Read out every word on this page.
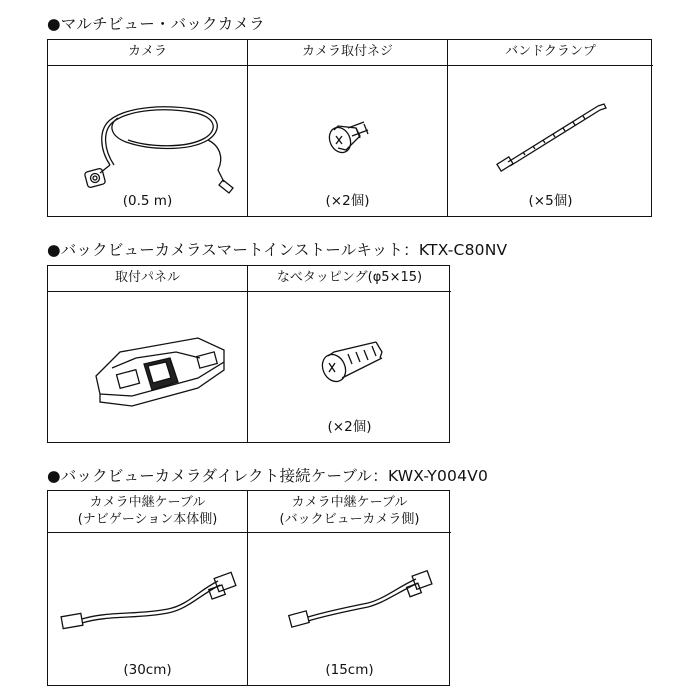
●マルチビュー・バックカメラ
カメラ
(0.5 m)
カメラ取付ネジ
(×2個)
バンドクランプ
(×5個)
●バックビューカメラスマートインストールキット：KTX-C80NV
取付パネル	なべタッピング(φ5×15)
(×2個)
●バックビューカメラダイレクト接続ケーブル：KWX-Y004V0
カメラ中継ケーブル
(ナビゲーション本体側)
(30cm)
カメラ中継ケーブル
(バックビューカメラ側)
(15cm)
